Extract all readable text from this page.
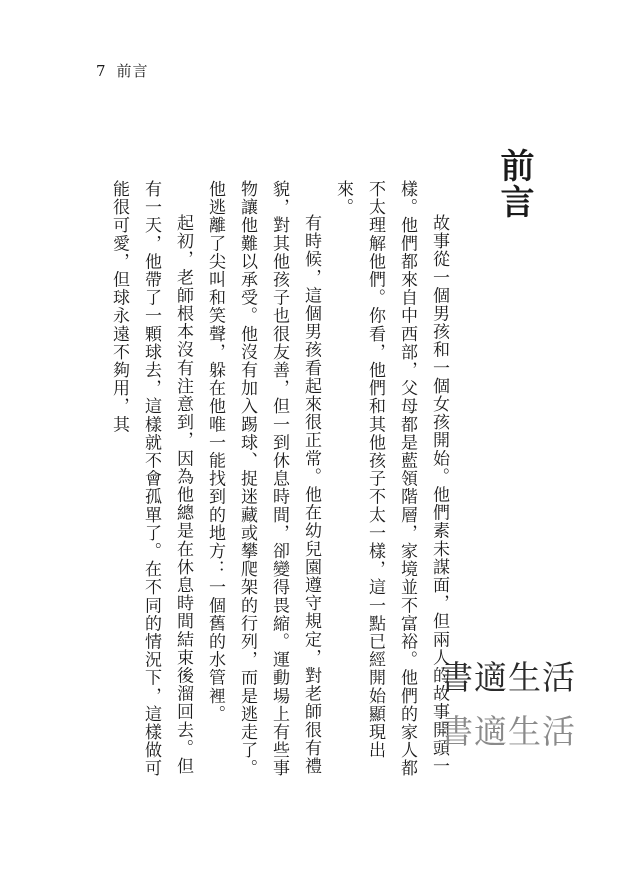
7 前言
前言

故事從一個男孩和一個女孩開始。他們素未謀面，但兩人的故事開頭一樣。他們都來自中西部，父母都是藍領階層，家境並不富裕。他們的家人都不太理解他們。你看，他們和其他孩子不太一樣，這一點已經開始顯現出來。

有時候，這個男孩看起來很正常。他在幼兒園遵守規定，對老師很有禮貌，對其他孩子也很友善，但一到休息時間，卻變得畏縮。運動場上有些事物讓他難以承受。他沒有加入踢球、捉迷藏或攀爬架的行列，而是逃走了。他逃離了尖叫和笑聲，躲在他唯一能找到的地方：一個舊的水管裡。

起初，老師根本沒有注意到，因為他總是在休息時間結束後溜回去。但有一天，他帶了一顆球去，這樣就不會孤單了。在不同的情況下，這樣做可能很可愛，但球永遠不夠用，其

書適生活
書適生活
